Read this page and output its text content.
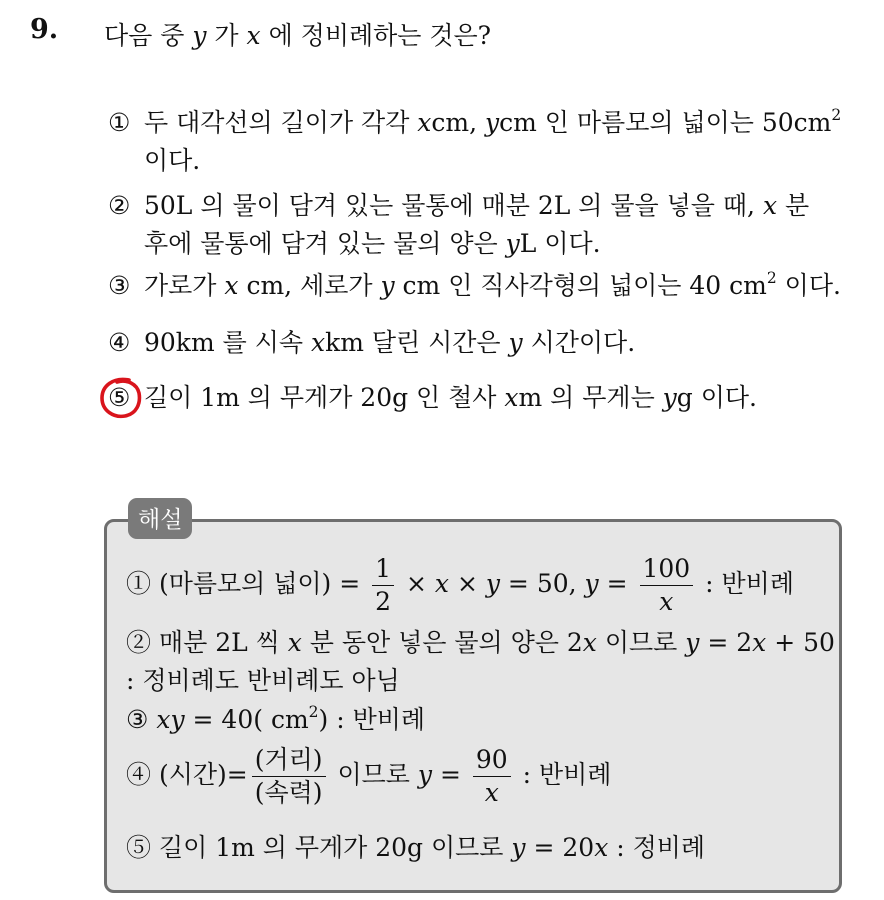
9. 다음 중 y 가 x 에 정비례하는 것은?
① 두 대각선의 길이가 각각 xcm, ycm 인 마름모의 넓이는 $50cm^2$
이다.
② 50L 의 물이 담겨 있는 물통에 매분 2L 의 물을 넣을 때, x 분
후에 물통에 담겨 있는 물의 양은 yL 이다.
③ 가로가 x cm, 세로가 y cm 인 직사각형의 넓이는 40 $cm^2$ 이다.
④ 90km 를 시속 xkm 달린 시간은 y 시간이다.
⑤ 길이 1m 의 무게가 20g 인 철사 xm 의 무게는 yg 이다.
해설
① (마름모의 넓이) = $\frac{1}{2} \times x \times y = 50$, $y = \frac{100}{x}$ : 반비례
② 매분 2L 씩 x 분 동안 넣은 물의 양은 2x 이므로 y = 2x + 50
: 정비례도 반비례도 아님
③ xy = 40( $cm^2$) : 반비례
④ (시간)= $\frac{\text{(거리)}}{\text{(속력)}}$ 이므로 $y = \frac{90}{x}$ : 반비례
⑤ 길이 1m 의 무게가 20g 이므로 y = 20x : 정비례
